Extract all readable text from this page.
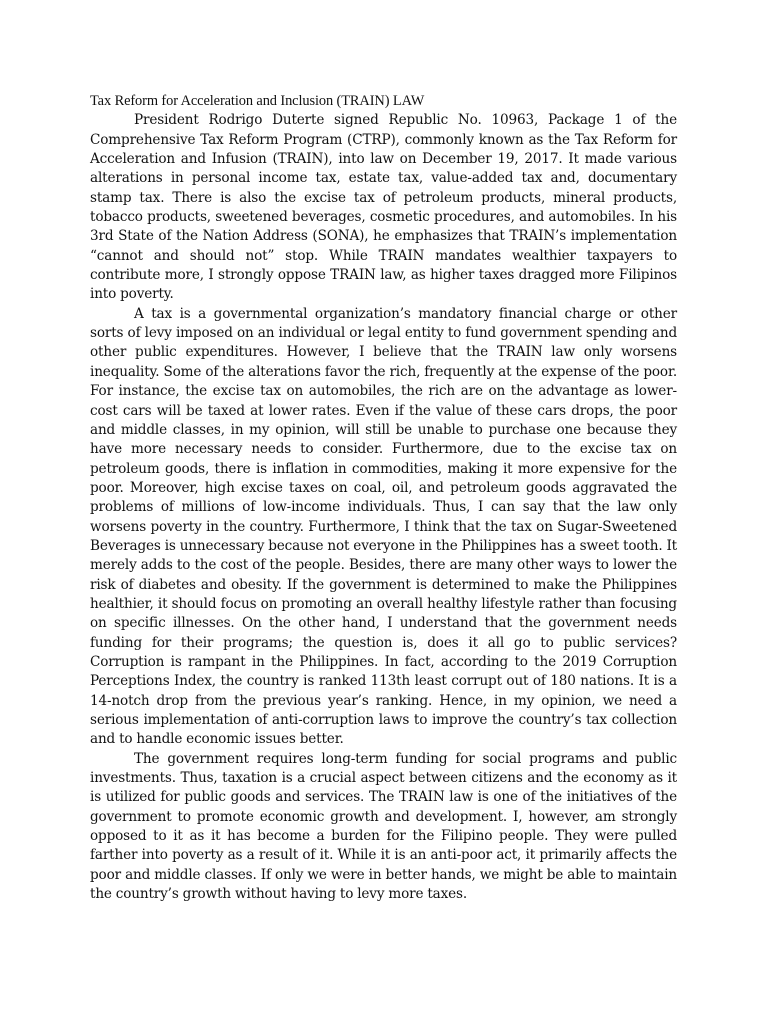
Tax Reform for Acceleration and Inclusion (TRAIN) LAW

President Rodrigo Duterte signed Republic No. 10963, Package 1 of the Comprehensive Tax Reform Program (CTRP), commonly known as the Tax Reform for Acceleration and Infusion (TRAIN), into law on December 19, 2017. It made various alterations in personal income tax, estate tax, value-added tax and, documentary stamp tax. There is also the excise tax of petroleum products, mineral products, tobacco products, sweetened beverages, cosmetic procedures, and automobiles. In his 3rd State of the Nation Address (SONA), he emphasizes that TRAIN’s implementation “cannot and should not” stop. While TRAIN mandates wealthier taxpayers to contribute more, I strongly oppose TRAIN law, as higher taxes dragged more Filipinos into poverty.

A tax is a governmental organization’s mandatory financial charge or other sorts of levy imposed on an individual or legal entity to fund government spending and other public expenditures. However, I believe that the TRAIN law only worsens inequality. Some of the alterations favor the rich, frequently at the expense of the poor. For instance, the excise tax on automobiles, the rich are on the advantage as lower-cost cars will be taxed at lower rates. Even if the value of these cars drops, the poor and middle classes, in my opinion, will still be unable to purchase one because they have more necessary needs to consider. Furthermore, due to the excise tax on petroleum goods, there is inflation in commodities, making it more expensive for the poor. Moreover, high excise taxes on coal, oil, and petroleum goods aggravated the problems of millions of low-income individuals. Thus, I can say that the law only worsens poverty in the country. Furthermore, I think that the tax on Sugar-Sweetened Beverages is unnecessary because not everyone in the Philippines has a sweet tooth. It merely adds to the cost of the people. Besides, there are many other ways to lower the risk of diabetes and obesity. If the government is determined to make the Philippines healthier, it should focus on promoting an overall healthy lifestyle rather than focusing on specific illnesses. On the other hand, I understand that the government needs funding for their programs; the question is, does it all go to public services? Corruption is rampant in the Philippines. In fact, according to the 2019 Corruption Perceptions Index, the country is ranked 113th least corrupt out of 180 nations. It is a 14-notch drop from the previous year’s ranking. Hence, in my opinion, we need a serious implementation of anti-corruption laws to improve the country’s tax collection and to handle economic issues better.

The government requires long-term funding for social programs and public investments. Thus, taxation is a crucial aspect between citizens and the economy as it is utilized for public goods and services. The TRAIN law is one of the initiatives of the government to promote economic growth and development. I, however, am strongly opposed to it as it has become a burden for the Filipino people. They were pulled farther into poverty as a result of it. While it is an anti-poor act, it primarily affects the poor and middle classes. If only we were in better hands, we might be able to maintain the country’s growth without having to levy more taxes.
